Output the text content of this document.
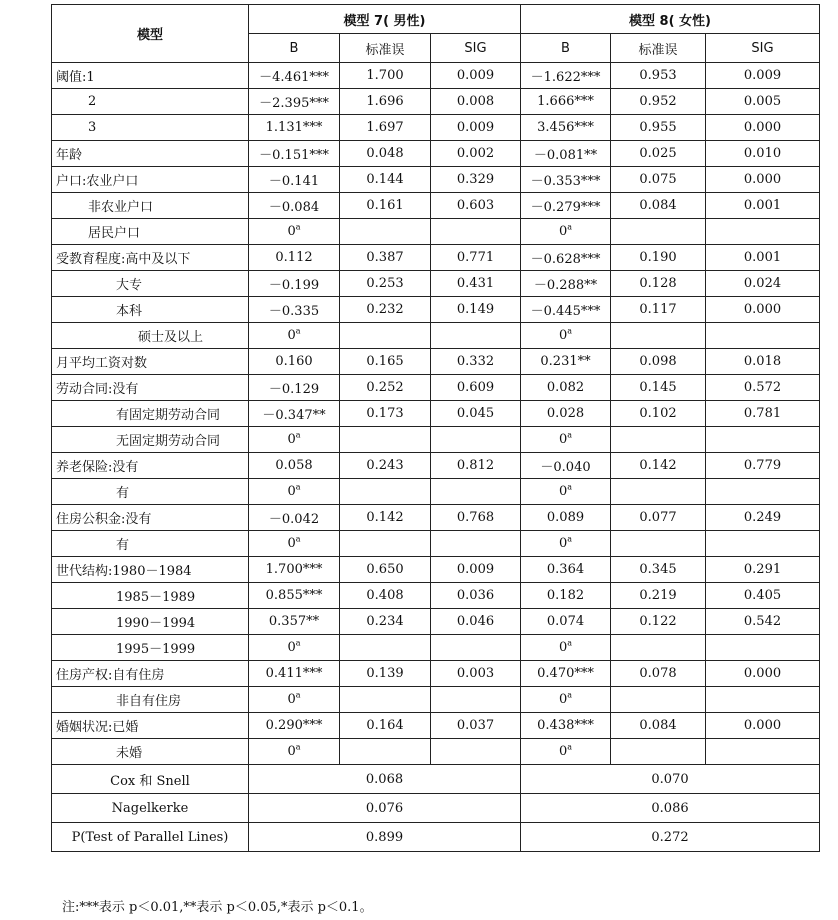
模型	模型 7( 男性)			模型 8( 女性)		
	B	标准误	SIG	B	标准误	SIG
阈值:1	－4.461***	1.700	0.009	－1.622***	0.953	0.009
2	－2.395***	1.696	0.008	1.666***	0.952	0.005
3	1.131***	1.697	0.009	3.456***	0.955	0.000
年龄	－0.151***	0.048	0.002	－0.081**	0.025	0.010
户口:农业户口	－0.141	0.144	0.329	－0.353***	0.075	0.000
非农业户口	－0.084	0.161	0.603	－0.279***	0.084	0.001
居民户口	0$^a$			0$^a$		
受教育程度:高中及以下	0.112	0.387	0.771	－0.628***	0.190	0.001
大专	－0.199	0.253	0.431	－0.288**	0.128	0.024
本科	－0.335	0.232	0.149	－0.445***	0.117	0.000
硕士及以上	0$^a$			0$^a$		
月平均工资对数	0.160	0.165	0.332	0.231**	0.098	0.018
劳动合同:没有	－0.129	0.252	0.609	0.082	0.145	0.572
有固定期劳动合同	－0.347**	0.173	0.045	0.028	0.102	0.781
无固定期劳动合同	0$^a$			0$^a$		
养老保险:没有	0.058	0.243	0.812	－0.040	0.142	0.779
有	0$^a$			0$^a$		
住房公积金:没有	－0.042	0.142	0.768	0.089	0.077	0.249
有	0$^a$			0$^a$		
世代结构:1980－1984	1.700***	0.650	0.009	0.364	0.345	0.291
1985－1989	0.855***	0.408	0.036	0.182	0.219	0.405
1990－1994	0.357**	0.234	0.046	0.074	0.122	0.542
1995－1999	0$^a$			0$^a$		
住房产权:自有住房	0.411***	0.139	0.003	0.470***	0.078	0.000
非自有住房	0$^a$			0$^a$		
婚姻状况:已婚	0.290***	0.164	0.037	0.438***	0.084	0.000
未婚	0$^a$			0$^a$		
Cox 和 Snell	0.068			0.070		
Nagelkerke	0.076			0.086		
P(Test of Parallel Lines)	0.899			0.272		
注:***表示 p＜0.01,**表示 p＜0.05,*表示 p＜0.1。
